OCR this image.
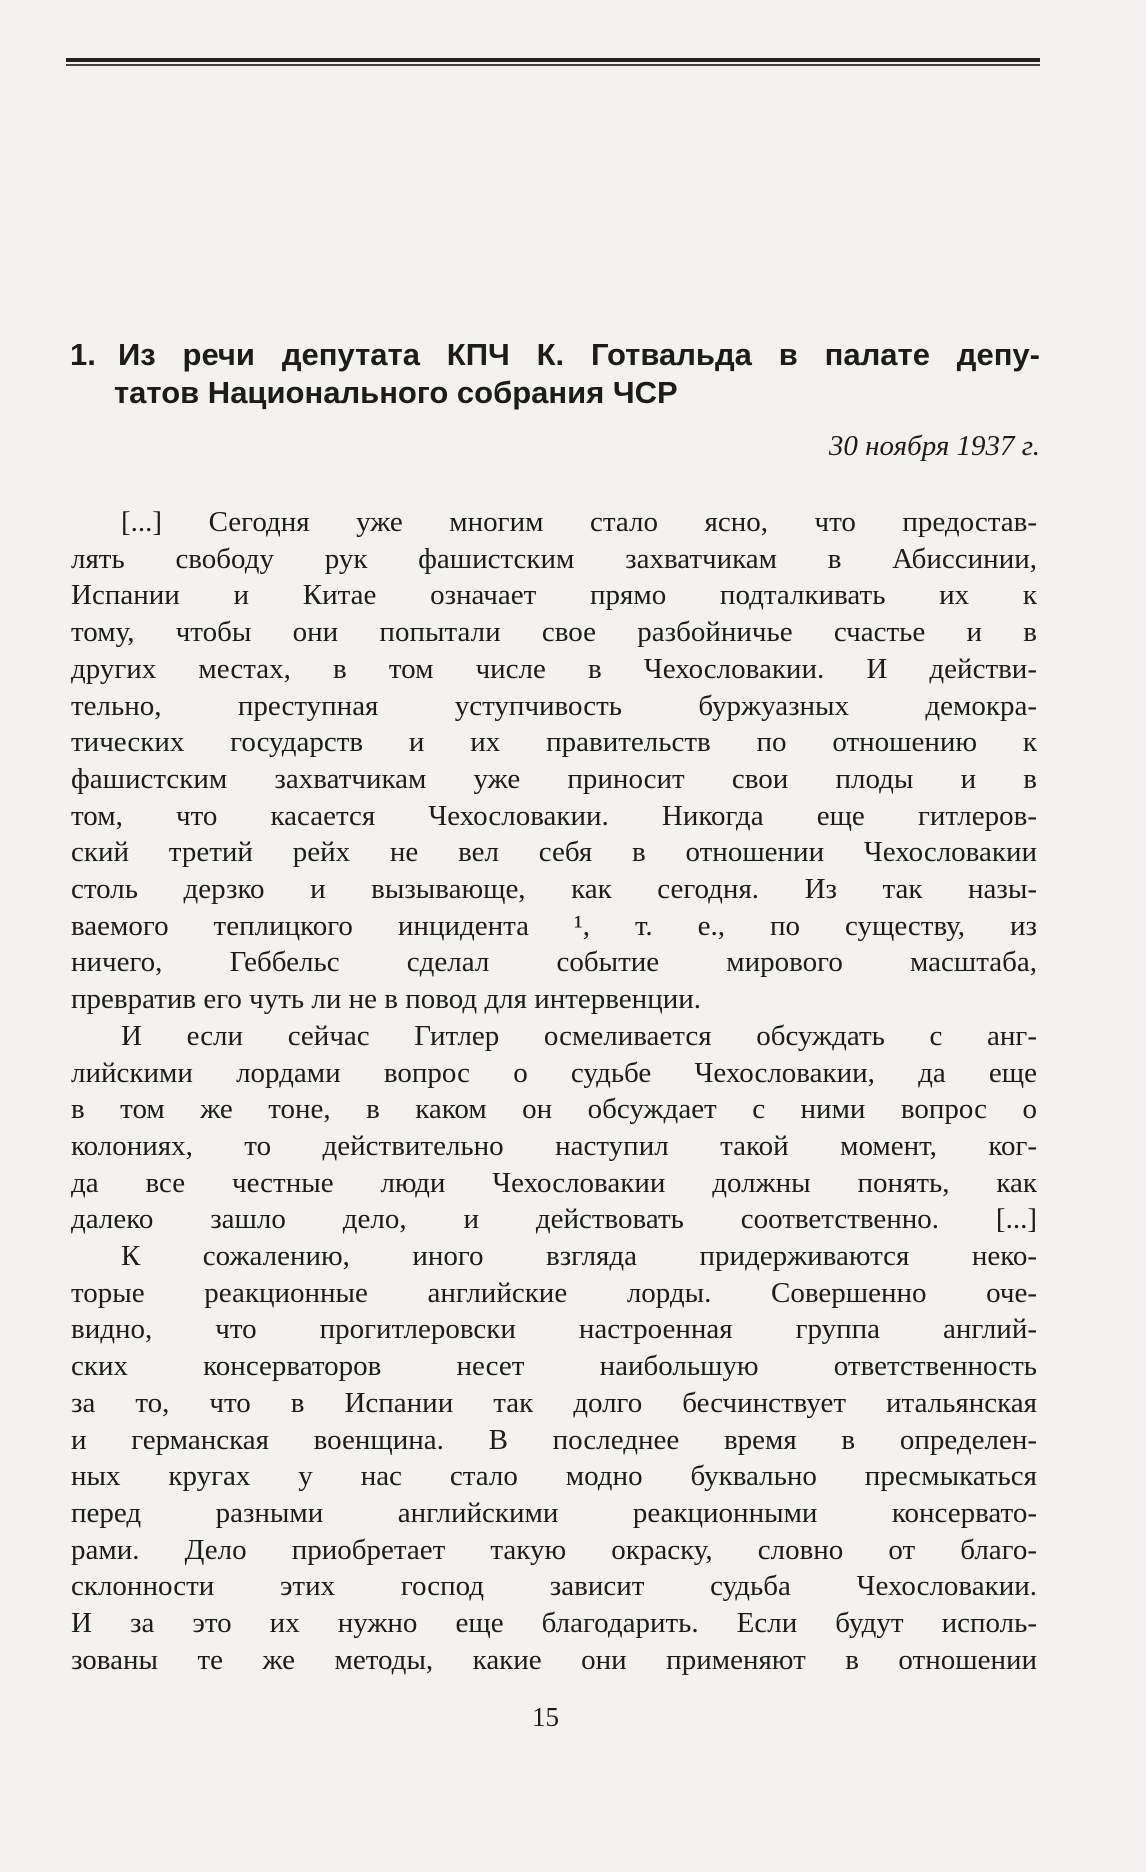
1. Из речи депутата КПЧ К. Готвальда в палате депу-
татов Национального собрания ЧСР
30 ноября 1937 г.
[...] Сегодня уже многим стало ясно, что предостав-
лять свободу рук фашистским захватчикам в Абиссинии,
Испании и Китае означает прямо подталкивать их к
тому, чтобы они попытали свое разбойничье счастье и в
других местах, в том числе в Чехословакии. И действи-
тельно, преступная уступчивость буржуазных демокра-
тических государств и их правительств по отношению к
фашистским захватчикам уже приносит свои плоды и в
том, что касается Чехословакии. Никогда еще гитлеров-
ский третий рейх не вел себя в отношении Чехословакии
столь дерзко и вызывающе, как сегодня. Из так назы-
ваемого теплицкого инцидента ¹, т. е., по существу, из
ничего, Геббельс сделал событие мирового масштаба,
превратив его чуть ли не в повод для интервенции.
И если сейчас Гитлер осмеливается обсуждать с анг-
лийскими лордами вопрос о судьбе Чехословакии, да еще
в том же тоне, в каком он обсуждает с ними вопрос о
колониях, то действительно наступил такой момент, ког-
да все честные люди Чехословакии должны понять, как
далеко зашло дело, и действовать соответственно. [...]
К сожалению, иного взгляда придерживаются неко-
торые реакционные английские лорды. Совершенно оче-
видно, что прогитлеровски настроенная группа англий-
ских консерваторов несет наибольшую ответственность
за то, что в Испании так долго бесчинствует итальянская
и германская военщина. В последнее время в определен-
ных кругах у нас стало модно буквально пресмыкаться
перед разными английскими реакционными консервато-
рами. Дело приобретает такую окраску, словно от благо-
склонности этих господ зависит судьба Чехословакии.
И за это их нужно еще благодарить. Если будут исполь-
зованы те же методы, какие они применяют в отношении
15
